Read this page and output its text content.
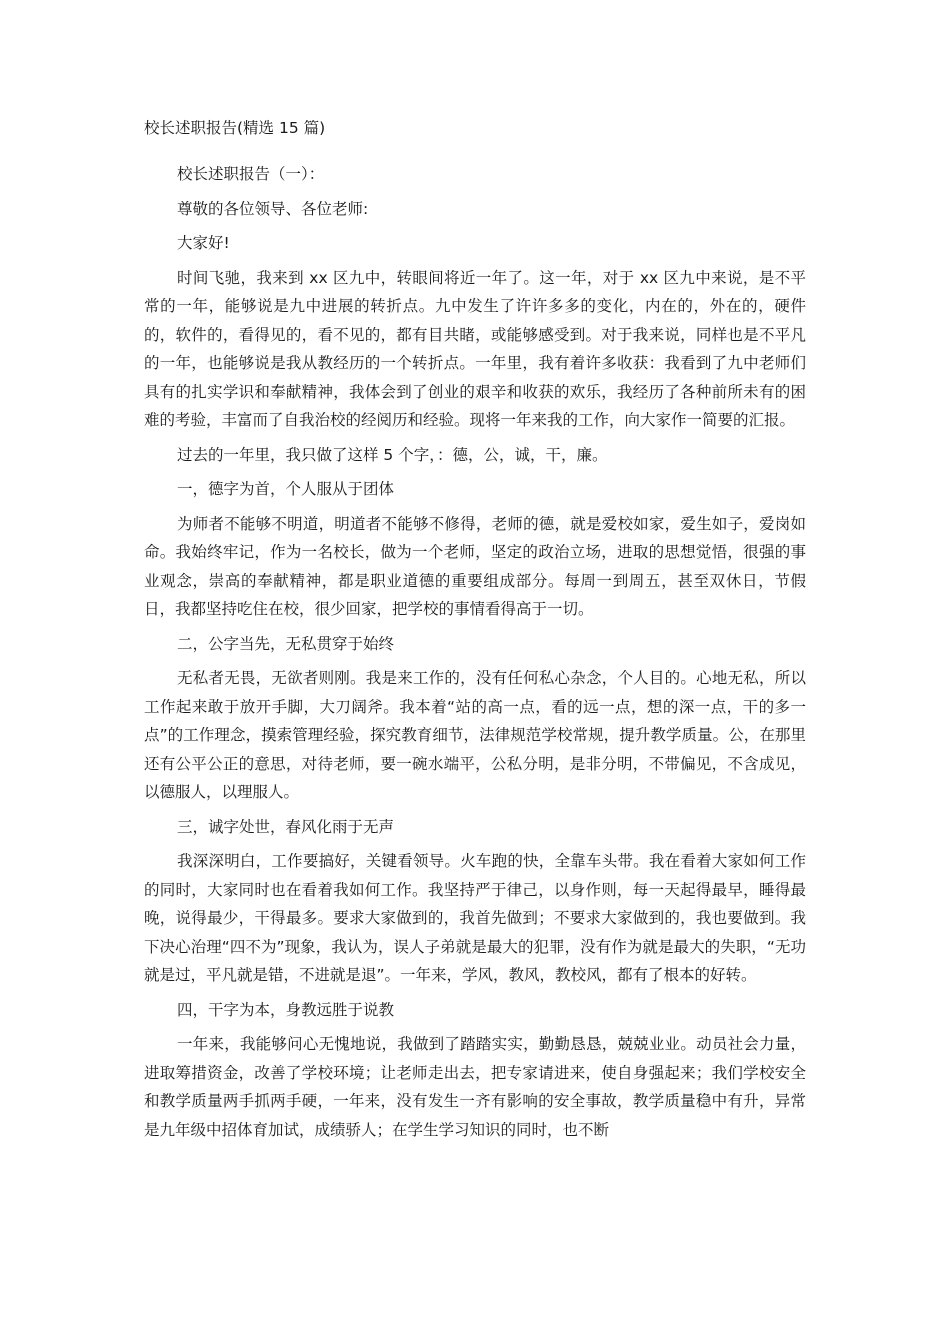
校长述职报告(精选 15 篇)

校长述职报告（一）：

尊敬的各位领导、各位老师:

大家好!

时间飞驰，我来到 xx 区九中，转眼间将近一年了。这一年，对于 xx 区九中来说，是不平常的一年，能够说是九中进展的转折点。九中发生了许许多多的变化，内在的，外在的，硬件的，软件的，看得见的，看不见的，都有目共睹，或能够感受到。对于我来说，同样也是不平凡的一年，也能够说是我从教经历的一个转折点。一年里，我有着许多收获：我看到了九中老师们具有的扎实学识和奉献精神，我体会到了创业的艰辛和收获的欢乐，我经历了各种前所未有的困难的考验，丰富而了自我治校的经阅历和经验。现将一年来我的工作，向大家作一简要的汇报。

过去的一年里，我只做了这样 5 个字，：德，公，诚，干，廉。

一，德字为首，个人服从于团体

为师者不能够不明道，明道者不能够不修得，老师的德，就是爱校如家，爱生如子，爱岗如命。我始终牢记，作为一名校长，做为一个老师，坚定的政治立场，进取的思想觉悟，很强的事业观念，崇高的奉献精神，都是职业道德的重要组成部分。每周一到周五，甚至双休日，节假日，我都坚持吃住在校，很少回家，把学校的事情看得高于一切。

二，公字当先，无私贯穿于始终

无私者无畏，无欲者则刚。我是来工作的，没有任何私心杂念，个人目的。心地无私，所以工作起来敢于放开手脚，大刀阔斧。我本着“站的高一点，看的远一点，想的深一点，干的多一点”的工作理念，摸索管理经验，探究教育细节，法律规范学校常规，提升教学质量。公，在那里还有公平公正的意思，对待老师，要一碗水端平，公私分明，是非分明，不带偏见，不含成见，以德服人，以理服人。

三，诚字处世，春风化雨于无声

我深深明白，工作要搞好，关键看领导。火车跑的快，全靠车头带。我在看着大家如何工作的同时，大家同时也在看着我如何工作。我坚持严于律己，以身作则，每一天起得最早，睡得最晚，说得最少，干得最多。要求大家做到的，我首先做到；不要求大家做到的，我也要做到。我下决心治理“四不为”现象，我认为，误人子弟就是最大的犯罪，没有作为就是最大的失职，“无功就是过，平凡就是错，不进就是退”。一年来，学风，教风，教校风，都有了根本的好转。

四，干字为本，身教远胜于说教

一年来，我能够问心无愧地说，我做到了踏踏实实，勤勤恳恳，兢兢业业。动员社会力量，进取筹措资金，改善了学校环境；让老师走出去，把专家请进来，使自身强起来；我们学校安全和教学质量两手抓两手硬，一年来，没有发生一齐有影响的安全事故，教学质量稳中有升，异常是九年级中招体育加试，成绩骄人；在学生学习知识的同时，也不断
